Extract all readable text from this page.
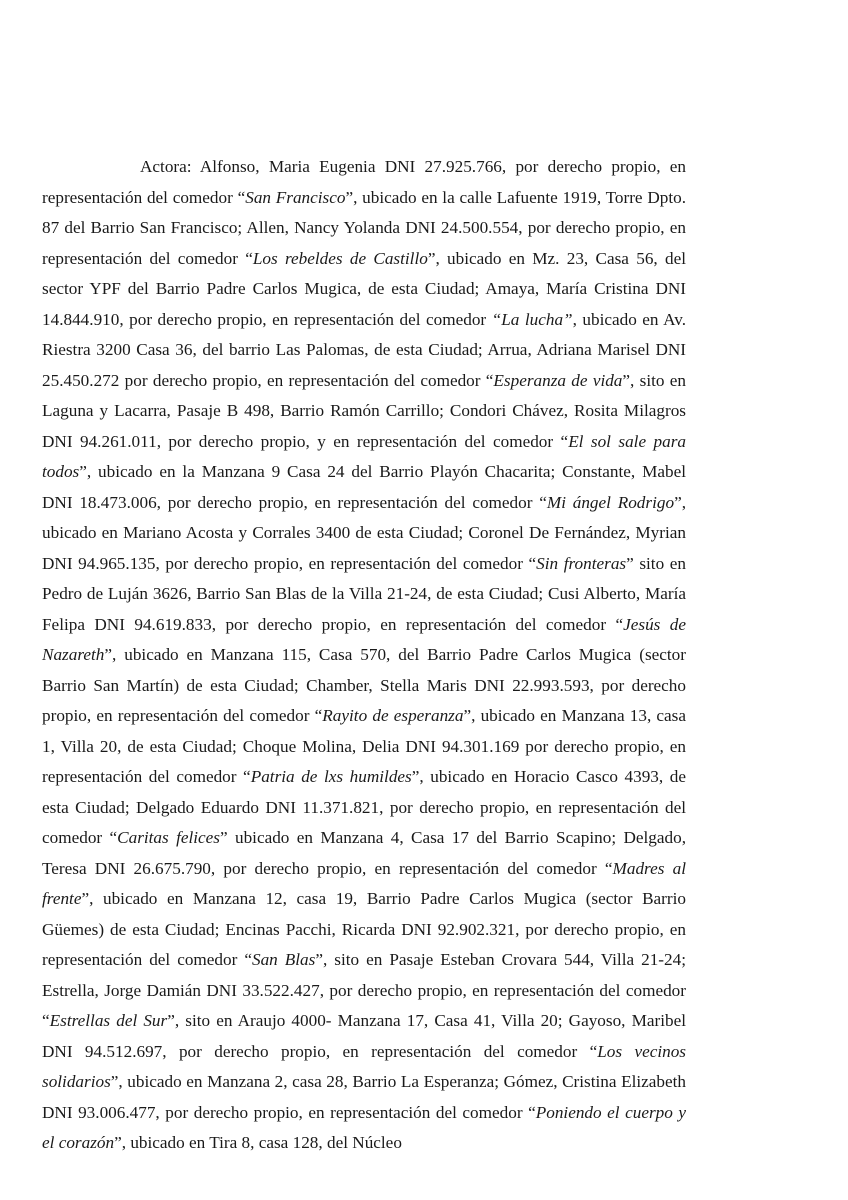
Actora: Alfonso, Maria Eugenia DNI 27.925.766, por derecho propio, en representación del comedor “San Francisco”, ubicado en la calle Lafuente 1919, Torre Dpto. 87 del Barrio San Francisco; Allen, Nancy Yolanda DNI 24.500.554, por derecho propio, en representación del comedor “Los rebeldes de Castillo”, ubicado en Mz. 23, Casa 56, del sector YPF del Barrio Padre Carlos Mugica, de esta Ciudad; Amaya, María Cristina DNI 14.844.910, por derecho propio, en representación del comedor “La lucha”, ubicado en Av. Riestra 3200 Casa 36, del barrio Las Palomas, de esta Ciudad; Arrua, Adriana Marisel DNI 25.450.272 por derecho propio, en representación del comedor “Esperanza de vida”, sito en Laguna y Lacarra, Pasaje B 498, Barrio Ramón Carrillo; Condori Chávez, Rosita Milagros DNI 94.261.011, por derecho propio, y en representación del comedor “El sol sale para todos”, ubicado en la Manzana 9 Casa 24 del Barrio Playón Chacarita; Constante, Mabel DNI 18.473.006, por derecho propio, en representación del comedor “Mi ángel Rodrigo”, ubicado en Mariano Acosta y Corrales 3400 de esta Ciudad; Coronel De Fernández, Myrian DNI 94.965.135, por derecho propio, en representación del comedor “Sin fronteras” sito en Pedro de Luján 3626, Barrio San Blas de la Villa 21-24, de esta Ciudad; Cusi Alberto, María Felipa DNI 94.619.833, por derecho propio, en representación del comedor “Jesús de Nazareth”, ubicado en Manzana 115, Casa 570, del Barrio Padre Carlos Mugica (sector Barrio San Martín) de esta Ciudad; Chamber, Stella Maris DNI 22.993.593, por derecho propio, en representación del comedor “Rayito de esperanza”, ubicado en Manzana 13, casa 1, Villa 20, de esta Ciudad; Choque Molina, Delia DNI 94.301.169 por derecho propio, en representación del comedor “Patria de lxs humildes”, ubicado en Horacio Casco 4393, de esta Ciudad; Delgado Eduardo DNI 11.371.821, por derecho propio, en representación del comedor “Caritas felices” ubicado en Manzana 4, Casa 17 del Barrio Scapino; Delgado, Teresa DNI 26.675.790, por derecho propio, en representación del comedor “Madres al frente”, ubicado en Manzana 12, casa 19, Barrio Padre Carlos Mugica (sector Barrio Güemes) de esta Ciudad; Encinas Pacchi, Ricarda DNI 92.902.321, por derecho propio, en representación del comedor “San Blas”, sito en Pasaje Esteban Crovara 544, Villa 21-24; Estrella, Jorge Damián DNI 33.522.427, por derecho propio, en representación del comedor “Estrellas del Sur”, sito en Araujo 4000- Manzana 17, Casa 41, Villa 20; Gayoso, Maribel DNI 94.512.697, por derecho propio, en representación del comedor “Los vecinos solidarios”, ubicado en Manzana 2, casa 28, Barrio La Esperanza; Gómez, Cristina Elizabeth DNI 93.006.477, por derecho propio, en representación del comedor “Poniendo el cuerpo y el corazón”, ubicado en Tira 8, casa 128, del Núcleo
